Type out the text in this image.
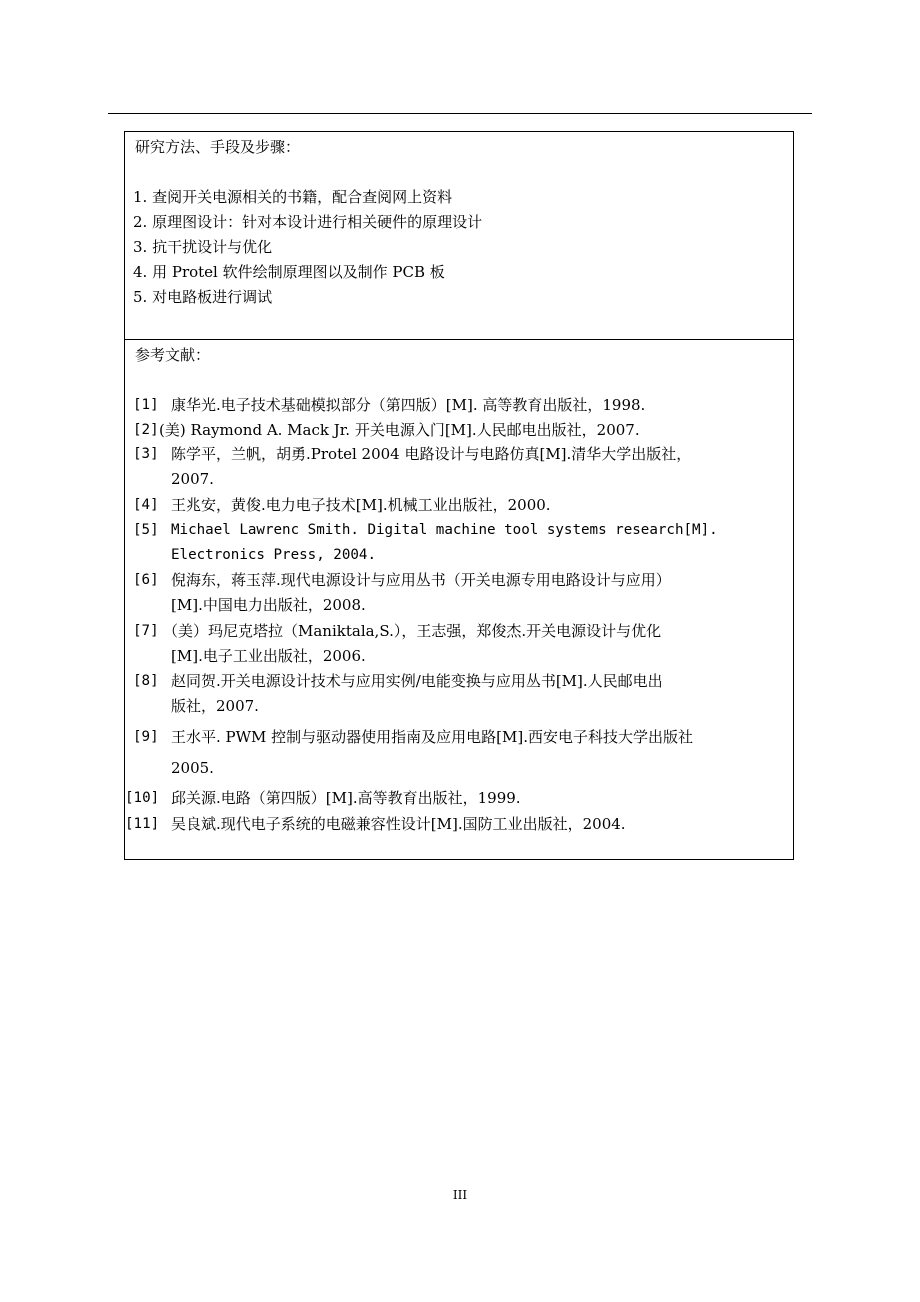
研究方法、手段及步骤：
1. 查阅开关电源相关的书籍，配合查阅网上资料
2. 原理图设计：针对本设计进行相关硬件的原理设计
3. 抗干扰设计与优化
4. 用 Protel 软件绘制原理图以及制作 PCB 板
5. 对电路板进行调试
参考文献：
[1] 康华光.电子技术基础模拟部分（第四版）[M]. 高等教育出版社，1998.
[2] (美) Raymond A. Mack Jr. 开关电源入门[M].人民邮电出版社，2007.
[3] 陈学平，兰帆，胡勇.Protel 2004 电路设计与电路仿真[M].清华大学出版社，
2007.
[4] 王兆安，黄俊.电力电子技术[M].机械工业出版社，2000.
[5] Michael Lawrenc Smith. Digital machine tool systems research[M].
Electronics Press, 2004.
[6] 倪海东，蒋玉萍.现代电源设计与应用丛书（开关电源专用电路设计与应用）
[M].中国电力出版社，2008.
[7] （美）玛尼克塔拉（Maniktala,S.），王志强，郑俊杰.开关电源设计与优化
[M].电子工业出版社，2006.
[8] 赵同贺.开关电源设计技术与应用实例/电能变换与应用丛书[M].人民邮电出
版社，2007.
[9] 王水平. PWM 控制与驱动器使用指南及应用电路[M].西安电子科技大学出版社
2005.
[10] 邱关源.电路（第四版）[M].高等教育出版社，1999.
[11] 吴良斌.现代电子系统的电磁兼容性设计[M].国防工业出版社，2004.
III
